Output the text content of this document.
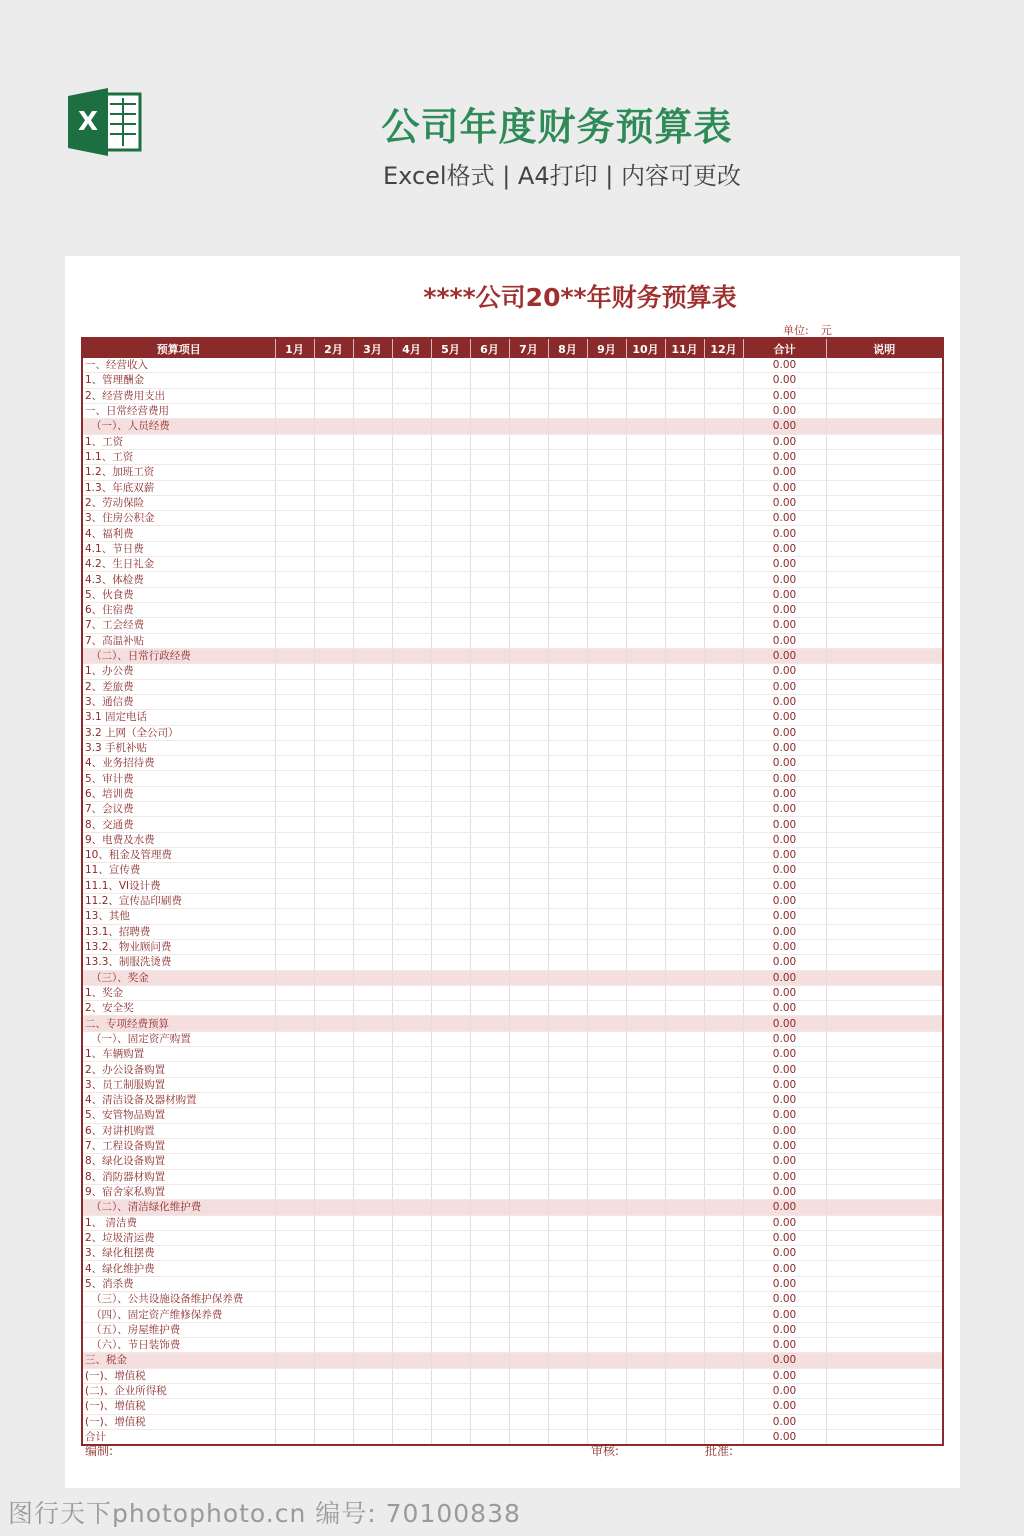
X	公司年度财务预算表
Excel格式 | A4打印 | 内容可更改
****公司20**年财务预算表
单位: 元
预算项目	1月	2月	3月	4月	5月	6月	7月	8月	9月	10月	11月	12月	合计	说明
一、经营收入													0.00	
1、管理酬金													0.00	
2、经营费用支出													0.00	
一、日常经营费用													0.00	
（一）、人员经费													0.00	
1、工资													0.00	
1.1、工资													0.00	
1.2、加班工资													0.00	
1.3、年底双薪													0.00	
2、劳动保险													0.00	
3、住房公积金													0.00	
4、福利费													0.00	
4.1、节日费													0.00	
4.2、生日礼金													0.00	
4.3、体检费													0.00	
5、伙食费													0.00	
6、住宿费													0.00	
7、工会经费													0.00	
7、高温补贴													0.00	
（二）、日常行政经费													0.00	
1、办公费													0.00	
2、差旅费													0.00	
3、通信费													0.00	
3.1 固定电话													0.00	
3.2 上网（全公司）													0.00	
3.3 手机补贴													0.00	
4、业务招待费													0.00	
5、审计费													0.00	
6、培训费													0.00	
7、会议费													0.00	
8、交通费													0.00	
9、电费及水费													0.00	
10、租金及管理费													0.00	
11、宣传费													0.00	
11.1、VI设计费													0.00	
11.2、宣传品印刷费													0.00	
13、其他													0.00	
13.1、招聘费													0.00	
13.2、物业顾问费													0.00	
13.3、制服洗烫费													0.00	
（三）、奖金													0.00	
1、奖金													0.00	
2、安全奖													0.00	
二、专项经费预算													0.00	
（一）、固定资产购置													0.00	
1、车辆购置													0.00	
2、办公设备购置													0.00	
3、员工制服购置													0.00	
4、清洁设备及器材购置													0.00	
5、安管物品购置													0.00	
6、对讲机购置													0.00	
7、工程设备购置													0.00	
8、绿化设备购置													0.00	
8、消防器材购置													0.00	
9、宿舍家私购置													0.00	
（二）、清洁绿化维护费													0.00	
1、 清洁费													0.00	
2、垃圾清运费													0.00	
3、绿化租摆费													0.00	
4、绿化维护费													0.00	
5、消杀费													0.00	
（三）、公共设施设备维护保养费													0.00	
（四）、固定资产维修保养费													0.00	
（五）、房屋维护费													0.00	
（六）、节日装饰费													0.00	
三、税金													0.00	
(一)、增值税													0.00	
(二)、企业所得税													0.00	
(一)、增值税													0.00	
(一)、增值税													0.00	
合计													0.00	
编制:	审核:	批准:
图行天下photophoto.cn 编号: 70100838
